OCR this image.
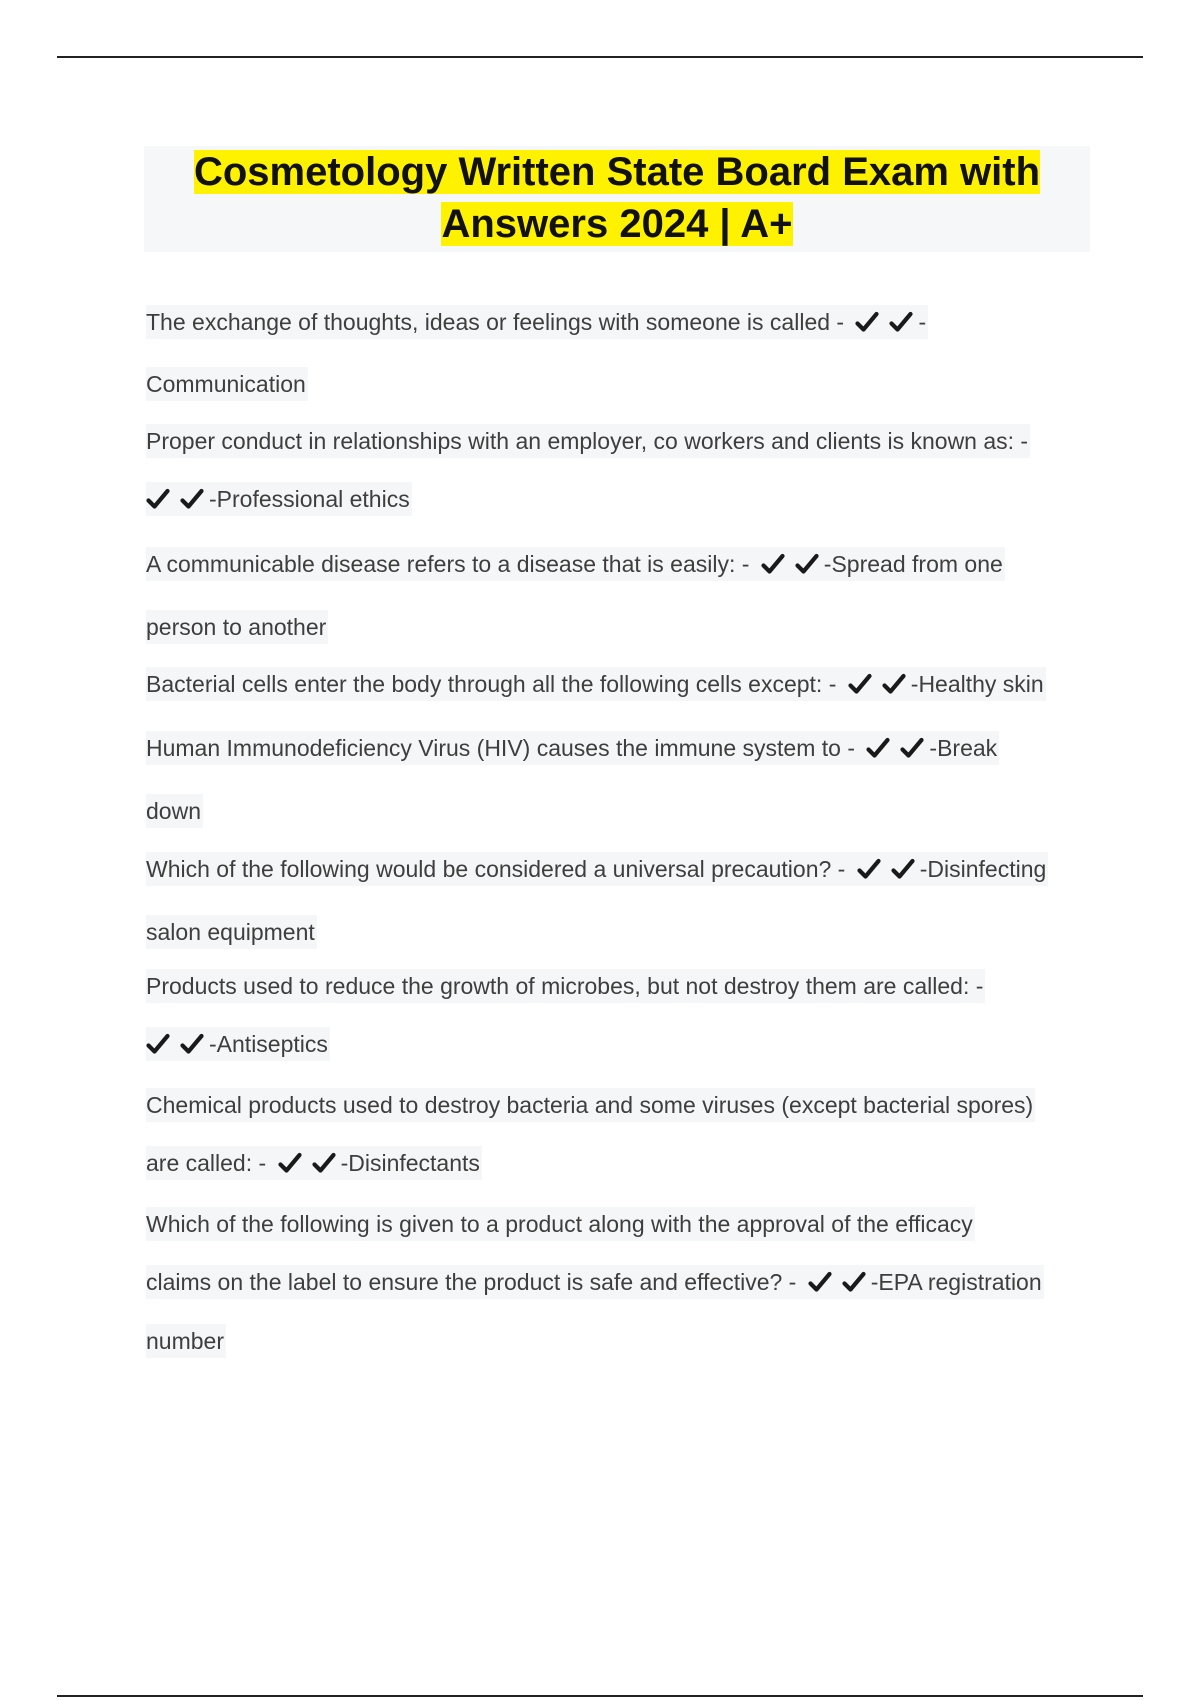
Cosmetology Written State Board Exam with
Answers 2024 | A+
The exchange of thoughts, ideas or feelings with someone is called -	-
Communication
Proper conduct in relationships with an employer, co workers and clients is known as: -
-Professional ethics
A communicable disease refers to a disease that is easily: -	-Spread from one
person to another
Bacterial cells enter the body through all the following cells except: -	-Healthy skin
Human Immunodeficiency Virus (HIV) causes the immune system to -	-Break
down
Which of the following would be considered a universal precaution? -	-Disinfecting
salon equipment
Products used to reduce the growth of microbes, but not destroy them are called: -
-Antiseptics
Chemical products used to destroy bacteria and some viruses (except bacterial spores)
are called: -	-Disinfectants
Which of the following is given to a product along with the approval of the efficacy
claims on the label to ensure the product is safe and effective? -	-EPA registration
number
